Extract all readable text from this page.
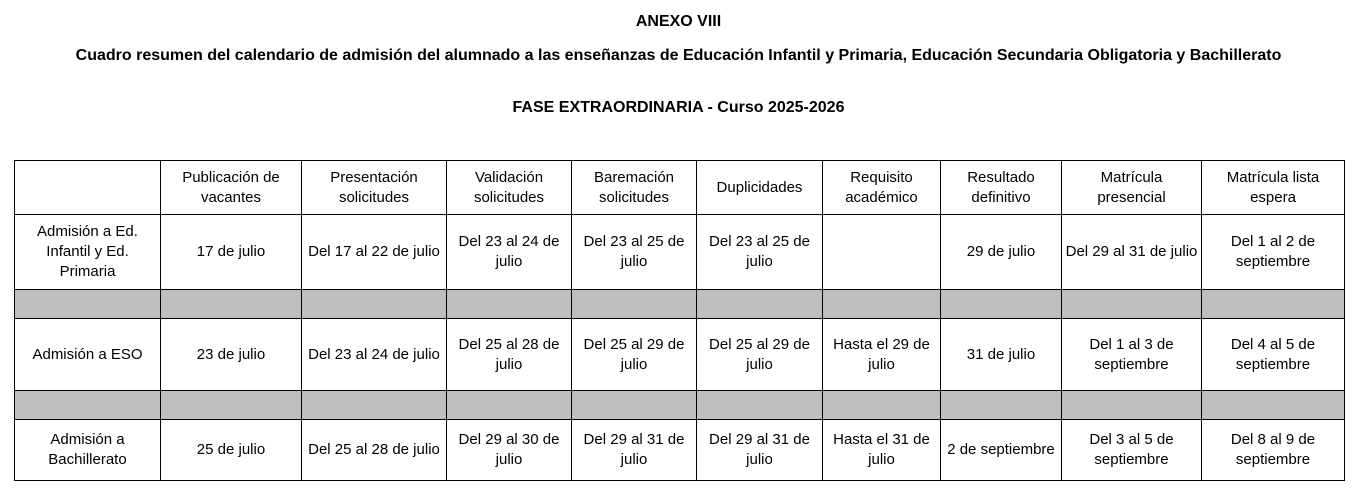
ANEXO VIII
Cuadro resumen del calendario de admisión del alumnado a las enseñanzas de Educación Infantil y Primaria, Educación Secundaria Obligatoria y Bachillerato
FASE EXTRAORDINARIA - Curso 2025-2026
	Publicación de vacantes	Presentación solicitudes	Validación solicitudes	Baremación solicitudes	Duplicidades	Requisito académico	Resultado definitivo	Matrícula presencial	Matrícula lista espera
Admisión a Ed. Infantil y Ed. Primaria	17 de julio	Del 17 al 22 de julio	Del 23 al 24 de julio	Del 23 al 25 de julio	Del 23 al 25 de julio		29 de julio	Del 29 al 31 de julio	Del 1 al 2 de septiembre

Admisión a ESO	23 de julio	Del 23 al 24 de julio	Del 25 al 28 de julio	Del 25 al 29 de julio	Del 25 al 29 de julio	Hasta el 29 de julio	31 de julio	Del 1 al 3 de septiembre	Del 4 al 5 de septiembre

Admisión a Bachillerato	25 de julio	Del 25 al 28 de julio	Del 29 al 30 de julio	Del 29 al 31 de julio	Del 29 al 31 de julio	Hasta el 31 de julio	2 de septiembre	Del 3 al 5 de septiembre	Del 8 al 9 de septiembre
